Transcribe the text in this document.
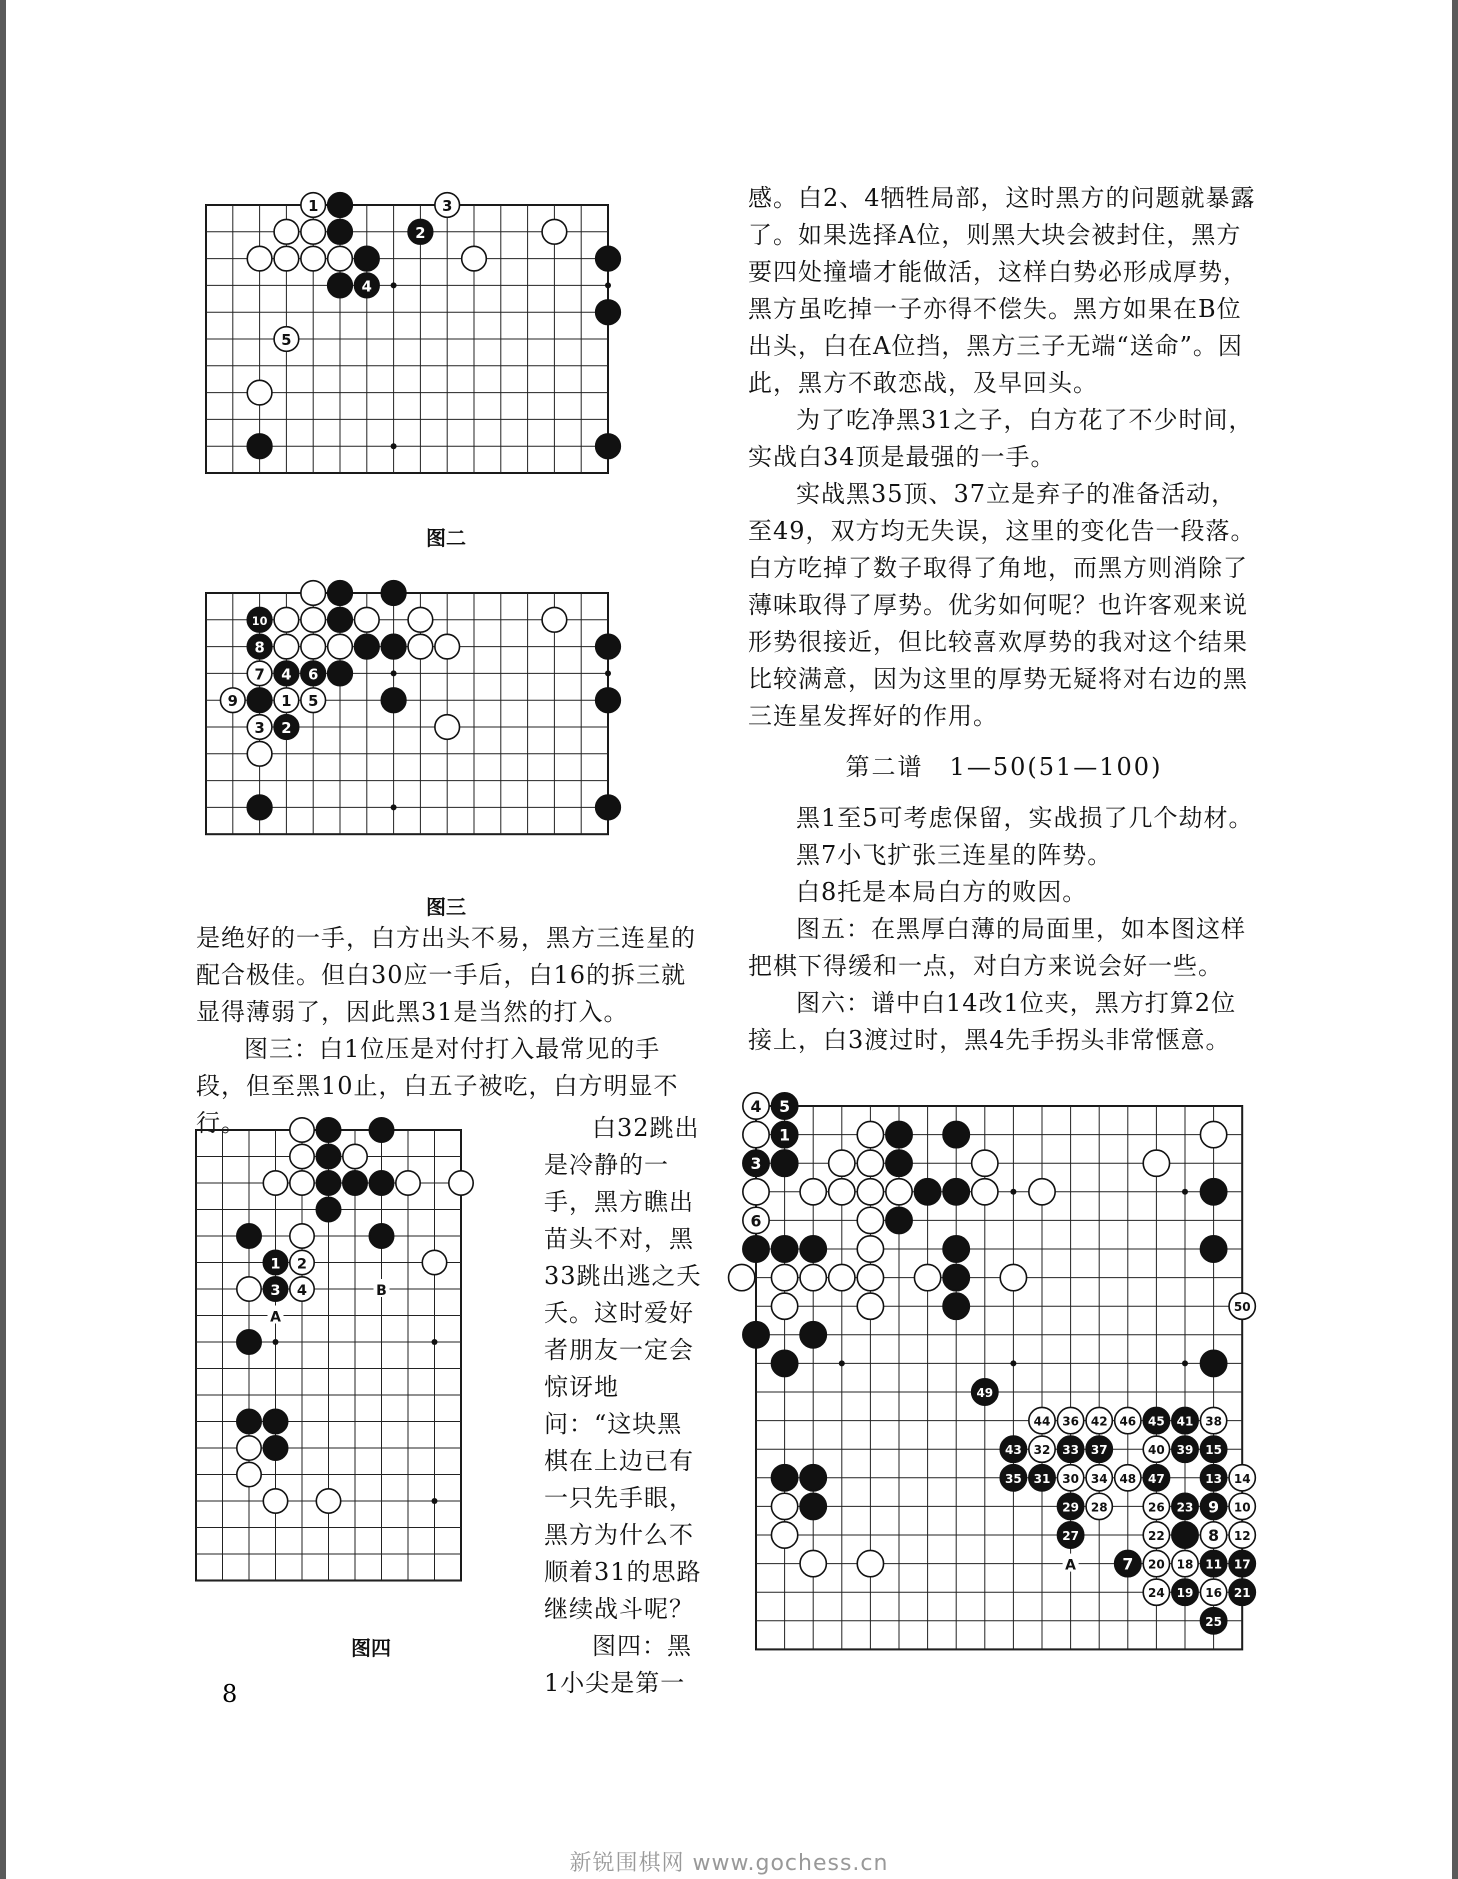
1
4
2
3
5
图二
10
8
7 4 6
9	1 5
3 2
图三

是绝好的一手，白方出头不易，黑方三连星的配合极佳。但白30应一手后，白16的拆三就显得薄弱了，因此黑31是当然的打入。

图三：白1位压是对付打入最常见的手段，但至黑10止，白五子被吃，白方明显不行。

1 2
3 4
A
B
图四

白32跳出是冷静的一手，黑方瞧出苗头不对，黑33跳出逃之夭夭。这时爱好者朋友一定会惊讶地问：“这块黑棋在上边已有一只先手眼，黑方为什么不顺着31的思路继续战斗呢？

图四：黑1小尖是第一

感。白2、4牺牲局部，这时黑方的问题就暴露了。如果选择A位，则黑大块会被封住，黑方要四处撞墙才能做活，这样白势必形成厚势，黑方虽吃掉一子亦得不偿失。黑方如果在B位出头，白在A位挡，黑方三子无端“送命”。因此，黑方不敢恋战，及早回头。

为了吃净黑31之子，白方花了不少时间，实战白34顶是最强的一手。

实战黑35顶、37立是弃子的准备活动，至49，双方均无失误，这里的变化告一段落。白方吃掉了数子取得了角地，而黑方则消除了薄味取得了厚势。优劣如何呢？也许客观来说形势很接近，但比较喜欢厚势的我对这个结果比较满意，因为这里的厚势无疑将对右边的黑三连星发挥好的作用。

第二谱　1—50(51—100)

黑1至5可考虑保留，实战损了几个劫材。

黑7小飞扩张三连星的阵势。

白8托是本局白方的败因。

图五：在黑厚白薄的局面里，如本图这样把棋下得缓和一点，对白方来说会好一些。

图六：谱中白14改1位夹，黑方打算2位接上，白3渡过时，黑4先手拐头非常惬意。

4 5
1
3
6
50
49
44 36 42 46 45 41 38
43 32 33 37	40 39 15
35 31 30 34 48 47	13 14
29 28	26 23 9 10
27	22	8 12
7 20 18 11 17
24 19 16 21
25
A
8
新锐围棋网 www.gochess.cn
